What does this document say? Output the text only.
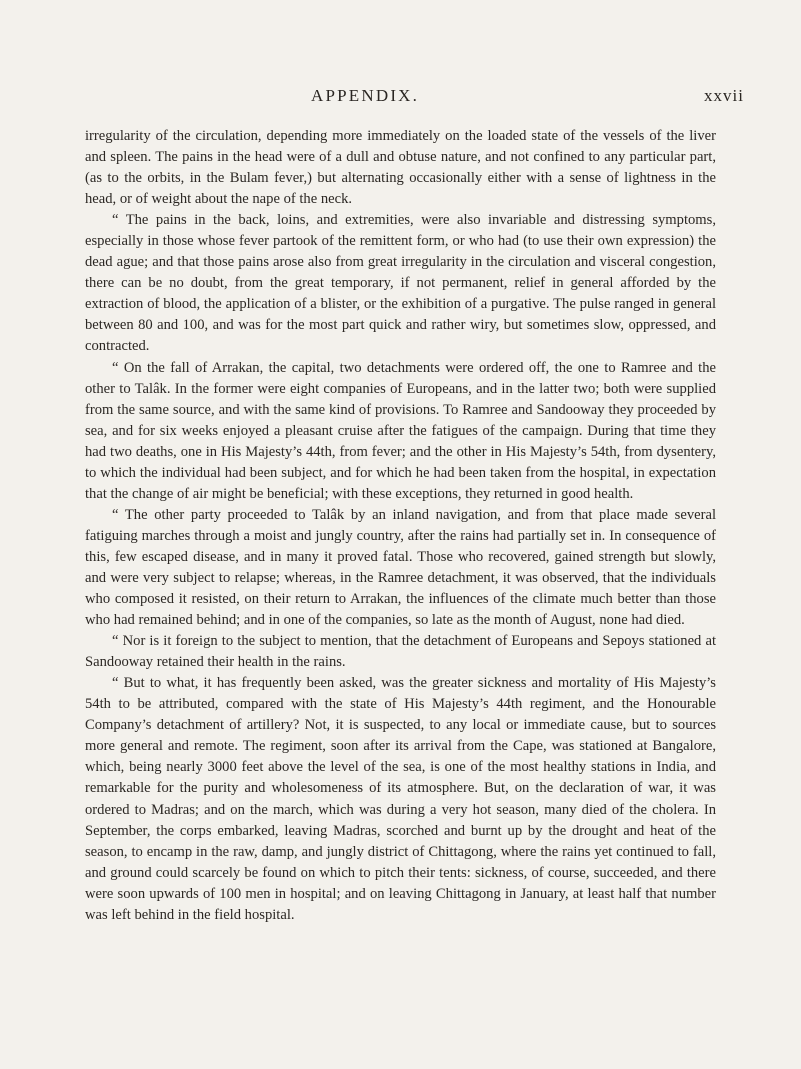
APPENDIX.	xxvii

irregularity of the circulation, depending more immediately on the loaded state of the vessels of the liver and spleen. The pains in the head were of a dull and obtuse nature, and not confined to any particular part, (as to the orbits, in the Bulam fever,) but alternating occasionally either with a sense of lightness in the head, or of weight about the nape of the neck.

“ The pains in the back, loins, and extremities, were also invariable and distressing symptoms, especially in those whose fever partook of the remittent form, or who had (to use their own expression) the dead ague; and that those pains arose also from great irregularity in the circulation and visceral congestion, there can be no doubt, from the great temporary, if not permanent, relief in general afforded by the extraction of blood, the application of a blister, or the exhibition of a purgative. The pulse ranged in general between 80 and 100, and was for the most part quick and rather wiry, but sometimes slow, oppressed, and contracted.

“ On the fall of Arrakan, the capital, two detachments were ordered off, the one to Ramree and the other to Talâk. In the former were eight companies of Europeans, and in the latter two; both were supplied from the same source, and with the same kind of provisions. To Ramree and Sandooway they proceeded by sea, and for six weeks enjoyed a pleasant cruise after the fatigues of the campaign. During that time they had two deaths, one in His Majesty’s 44th, from fever; and the other in His Majesty’s 54th, from dysentery, to which the individual had been subject, and for which he had been taken from the hospital, in expectation that the change of air might be beneficial; with these exceptions, they returned in good health.

“ The other party proceeded to Talâk by an inland navigation, and from that place made several fatiguing marches through a moist and jungly country, after the rains had partially set in. In consequence of this, few escaped disease, and in many it proved fatal. Those who recovered, gained strength but slowly, and were very subject to relapse; whereas, in the Ramree detachment, it was observed, that the individuals who composed it resisted, on their return to Arrakan, the influences of the climate much better than those who had remained behind; and in one of the companies, so late as the month of August, none had died.

“ Nor is it foreign to the subject to mention, that the detachment of Europeans and Sepoys stationed at Sandooway retained their health in the rains.

“ But to what, it has frequently been asked, was the greater sickness and mortality of His Majesty’s 54th to be attributed, compared with the state of His Majesty’s 44th regiment, and the Honourable Company’s detachment of artillery? Not, it is suspected, to any local or immediate cause, but to sources more general and remote. The regiment, soon after its arrival from the Cape, was stationed at Bangalore, which, being nearly 3000 feet above the level of the sea, is one of the most healthy stations in India, and remarkable for the purity and wholesomeness of its atmosphere. But, on the declaration of war, it was ordered to Madras; and on the march, which was during a very hot season, many died of the cholera. In September, the corps embarked, leaving Madras, scorched and burnt up by the drought and heat of the season, to encamp in the raw, damp, and jungly district of Chittagong, where the rains yet continued to fall, and ground could scarcely be found on which to pitch their tents: sickness, of course, succeeded, and there were soon upwards of 100 men in hospital; and on leaving Chittagong in January, at least half that number was left behind in the field hospital.
